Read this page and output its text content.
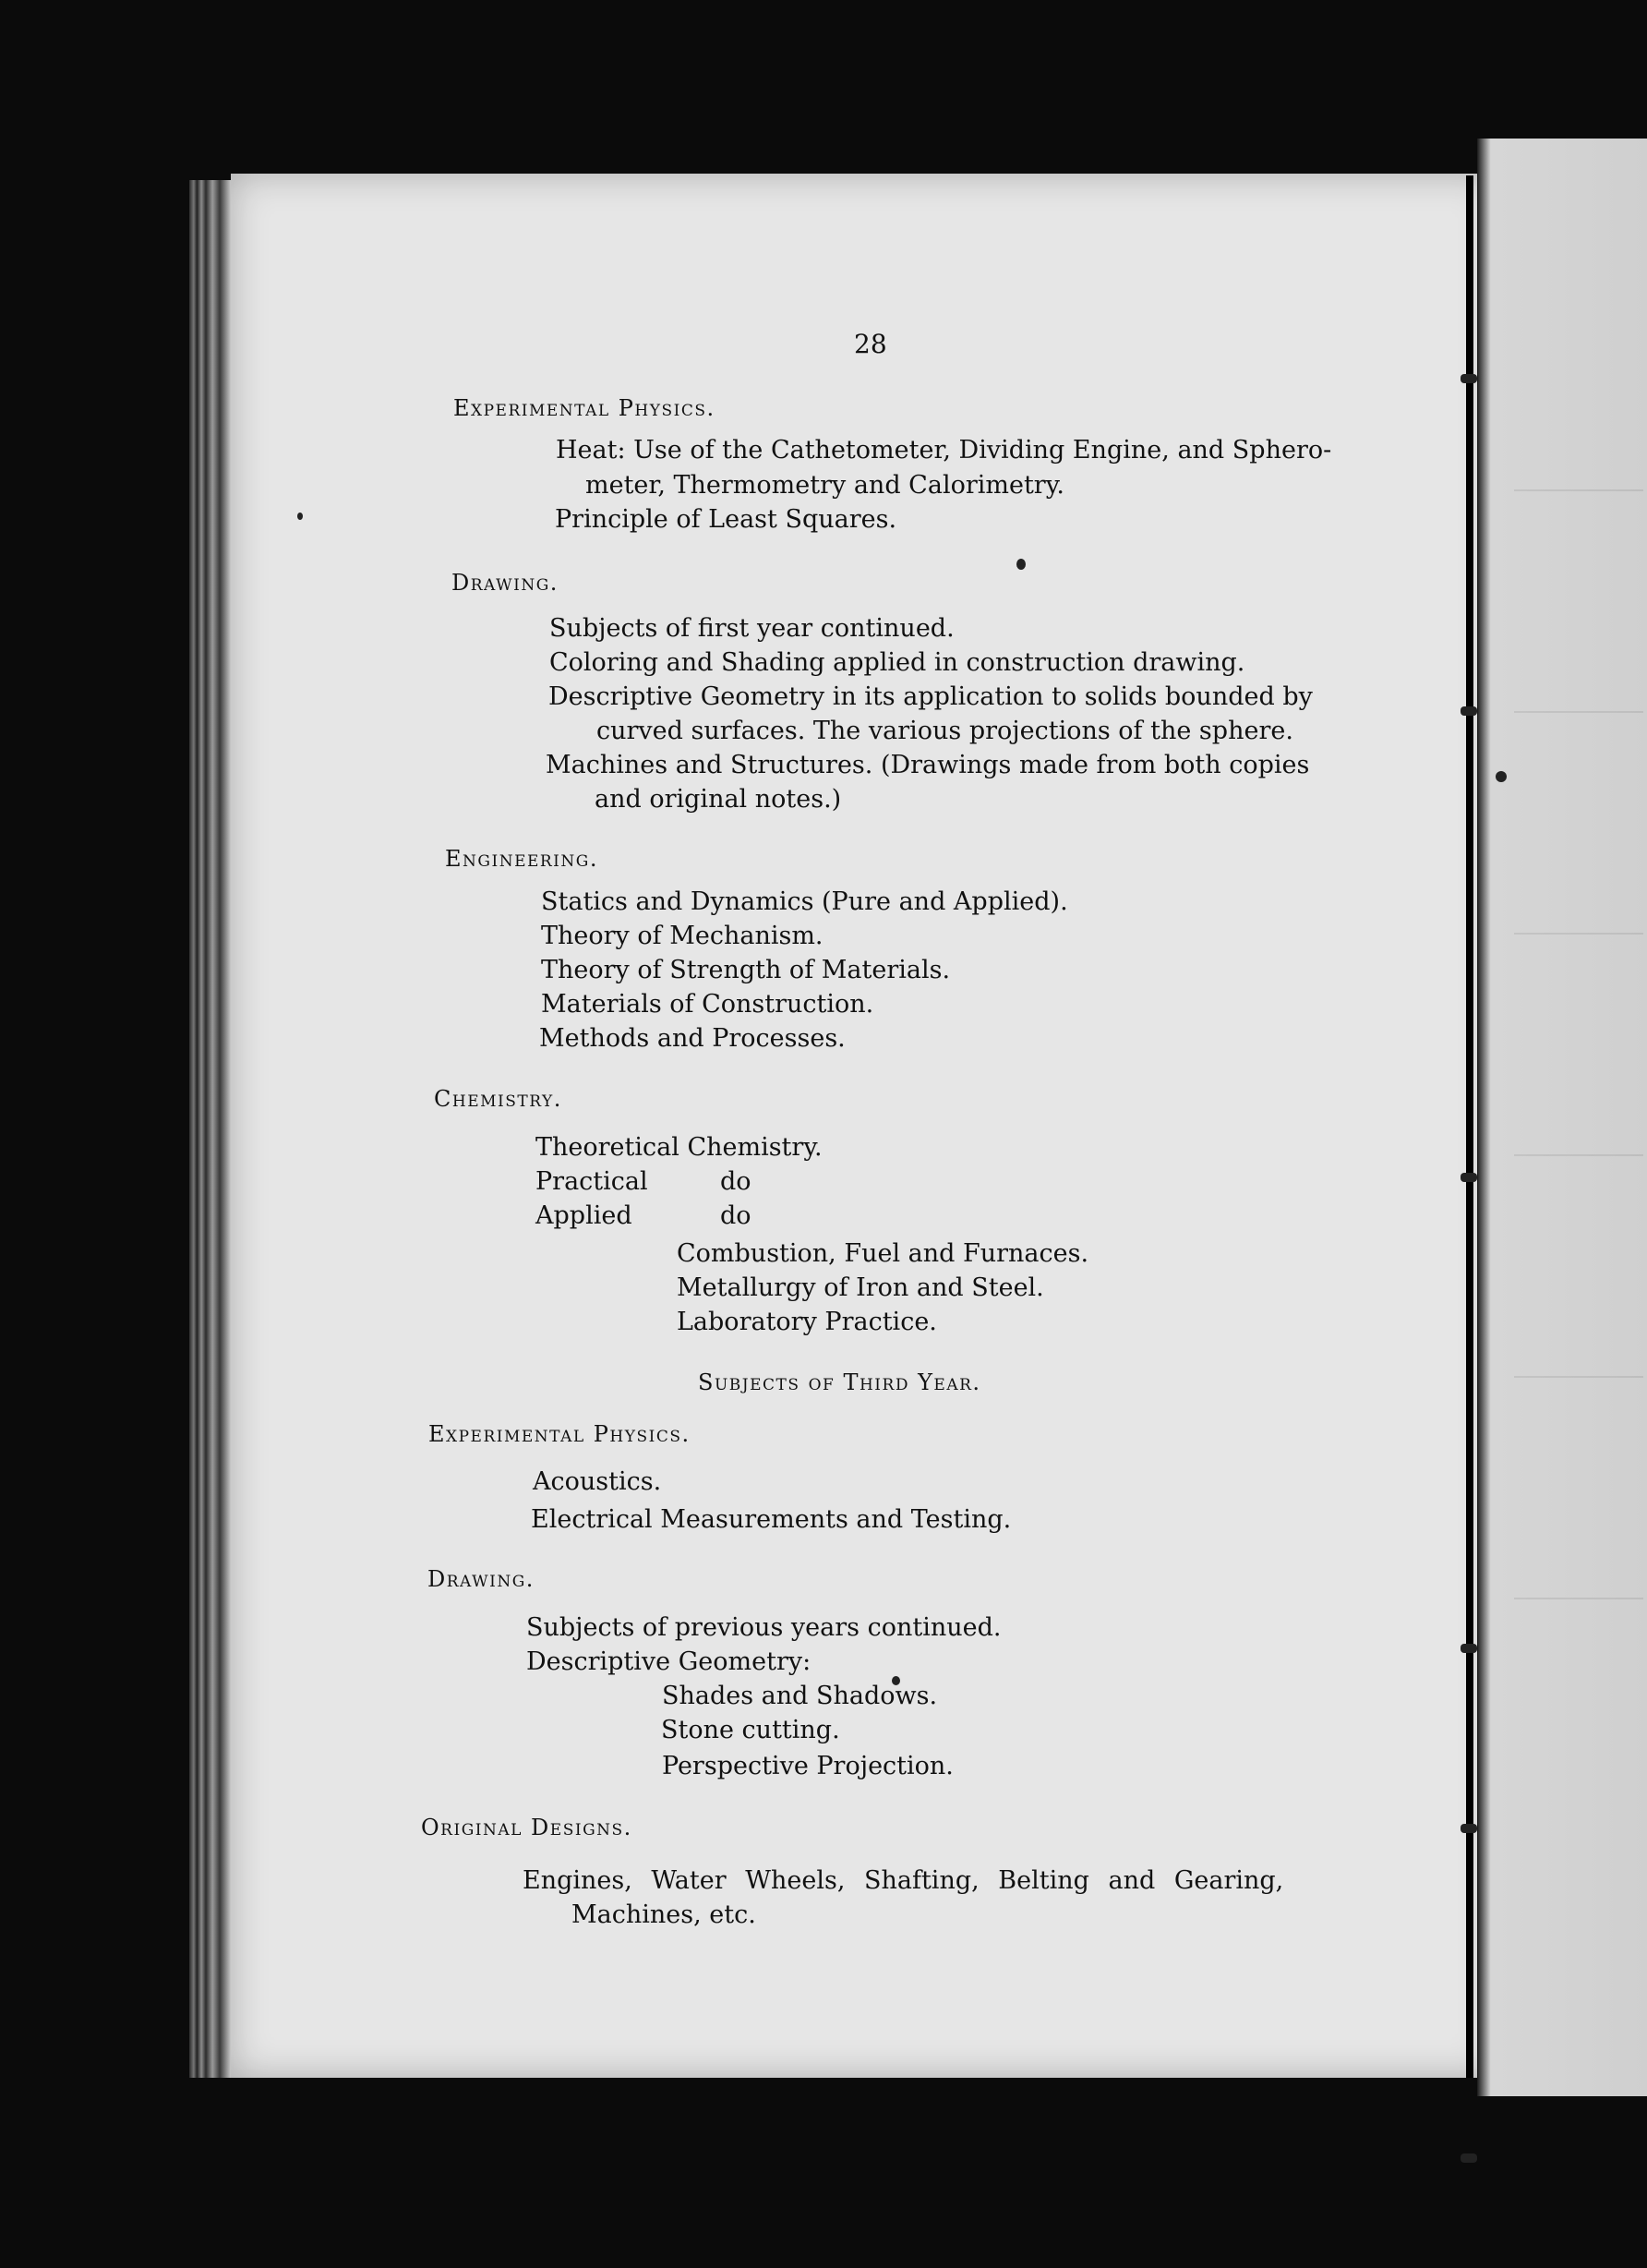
28
Experimental Physics.
Heat: Use of the Cathetometer, Dividing Engine, and Sphero-
meter, Thermometry and Calorimetry.
Principle of Least Squares.
Drawing.
Subjects of first year continued.
Coloring and Shading applied in construction drawing.
Descriptive Geometry in its application to solids bounded by
curved surfaces. The various projections of the sphere.
Machines and Structures. (Drawings made from both copies
and original notes.)
Engineering.
Statics and Dynamics (Pure and Applied).
Theory of Mechanism.
Theory of Strength of Materials.
Materials of Construction.
Methods and Processes.
Chemistry.
Theoretical Chemistry.
Practical	do
Applied	do
Combustion, Fuel and Furnaces.
Metallurgy of Iron and Steel.
Laboratory Practice.
Subjects of Third Year.
Experimental Physics.
Acoustics.
Electrical Measurements and Testing.
Drawing.
Subjects of previous years continued.
Descriptive Geometry:
Shades and Shadows.
Stone cutting.
Perspective Projection.
Original Designs.
Engines, Water Wheels, Shafting, Belting and Gearing,
Machines, etc.
